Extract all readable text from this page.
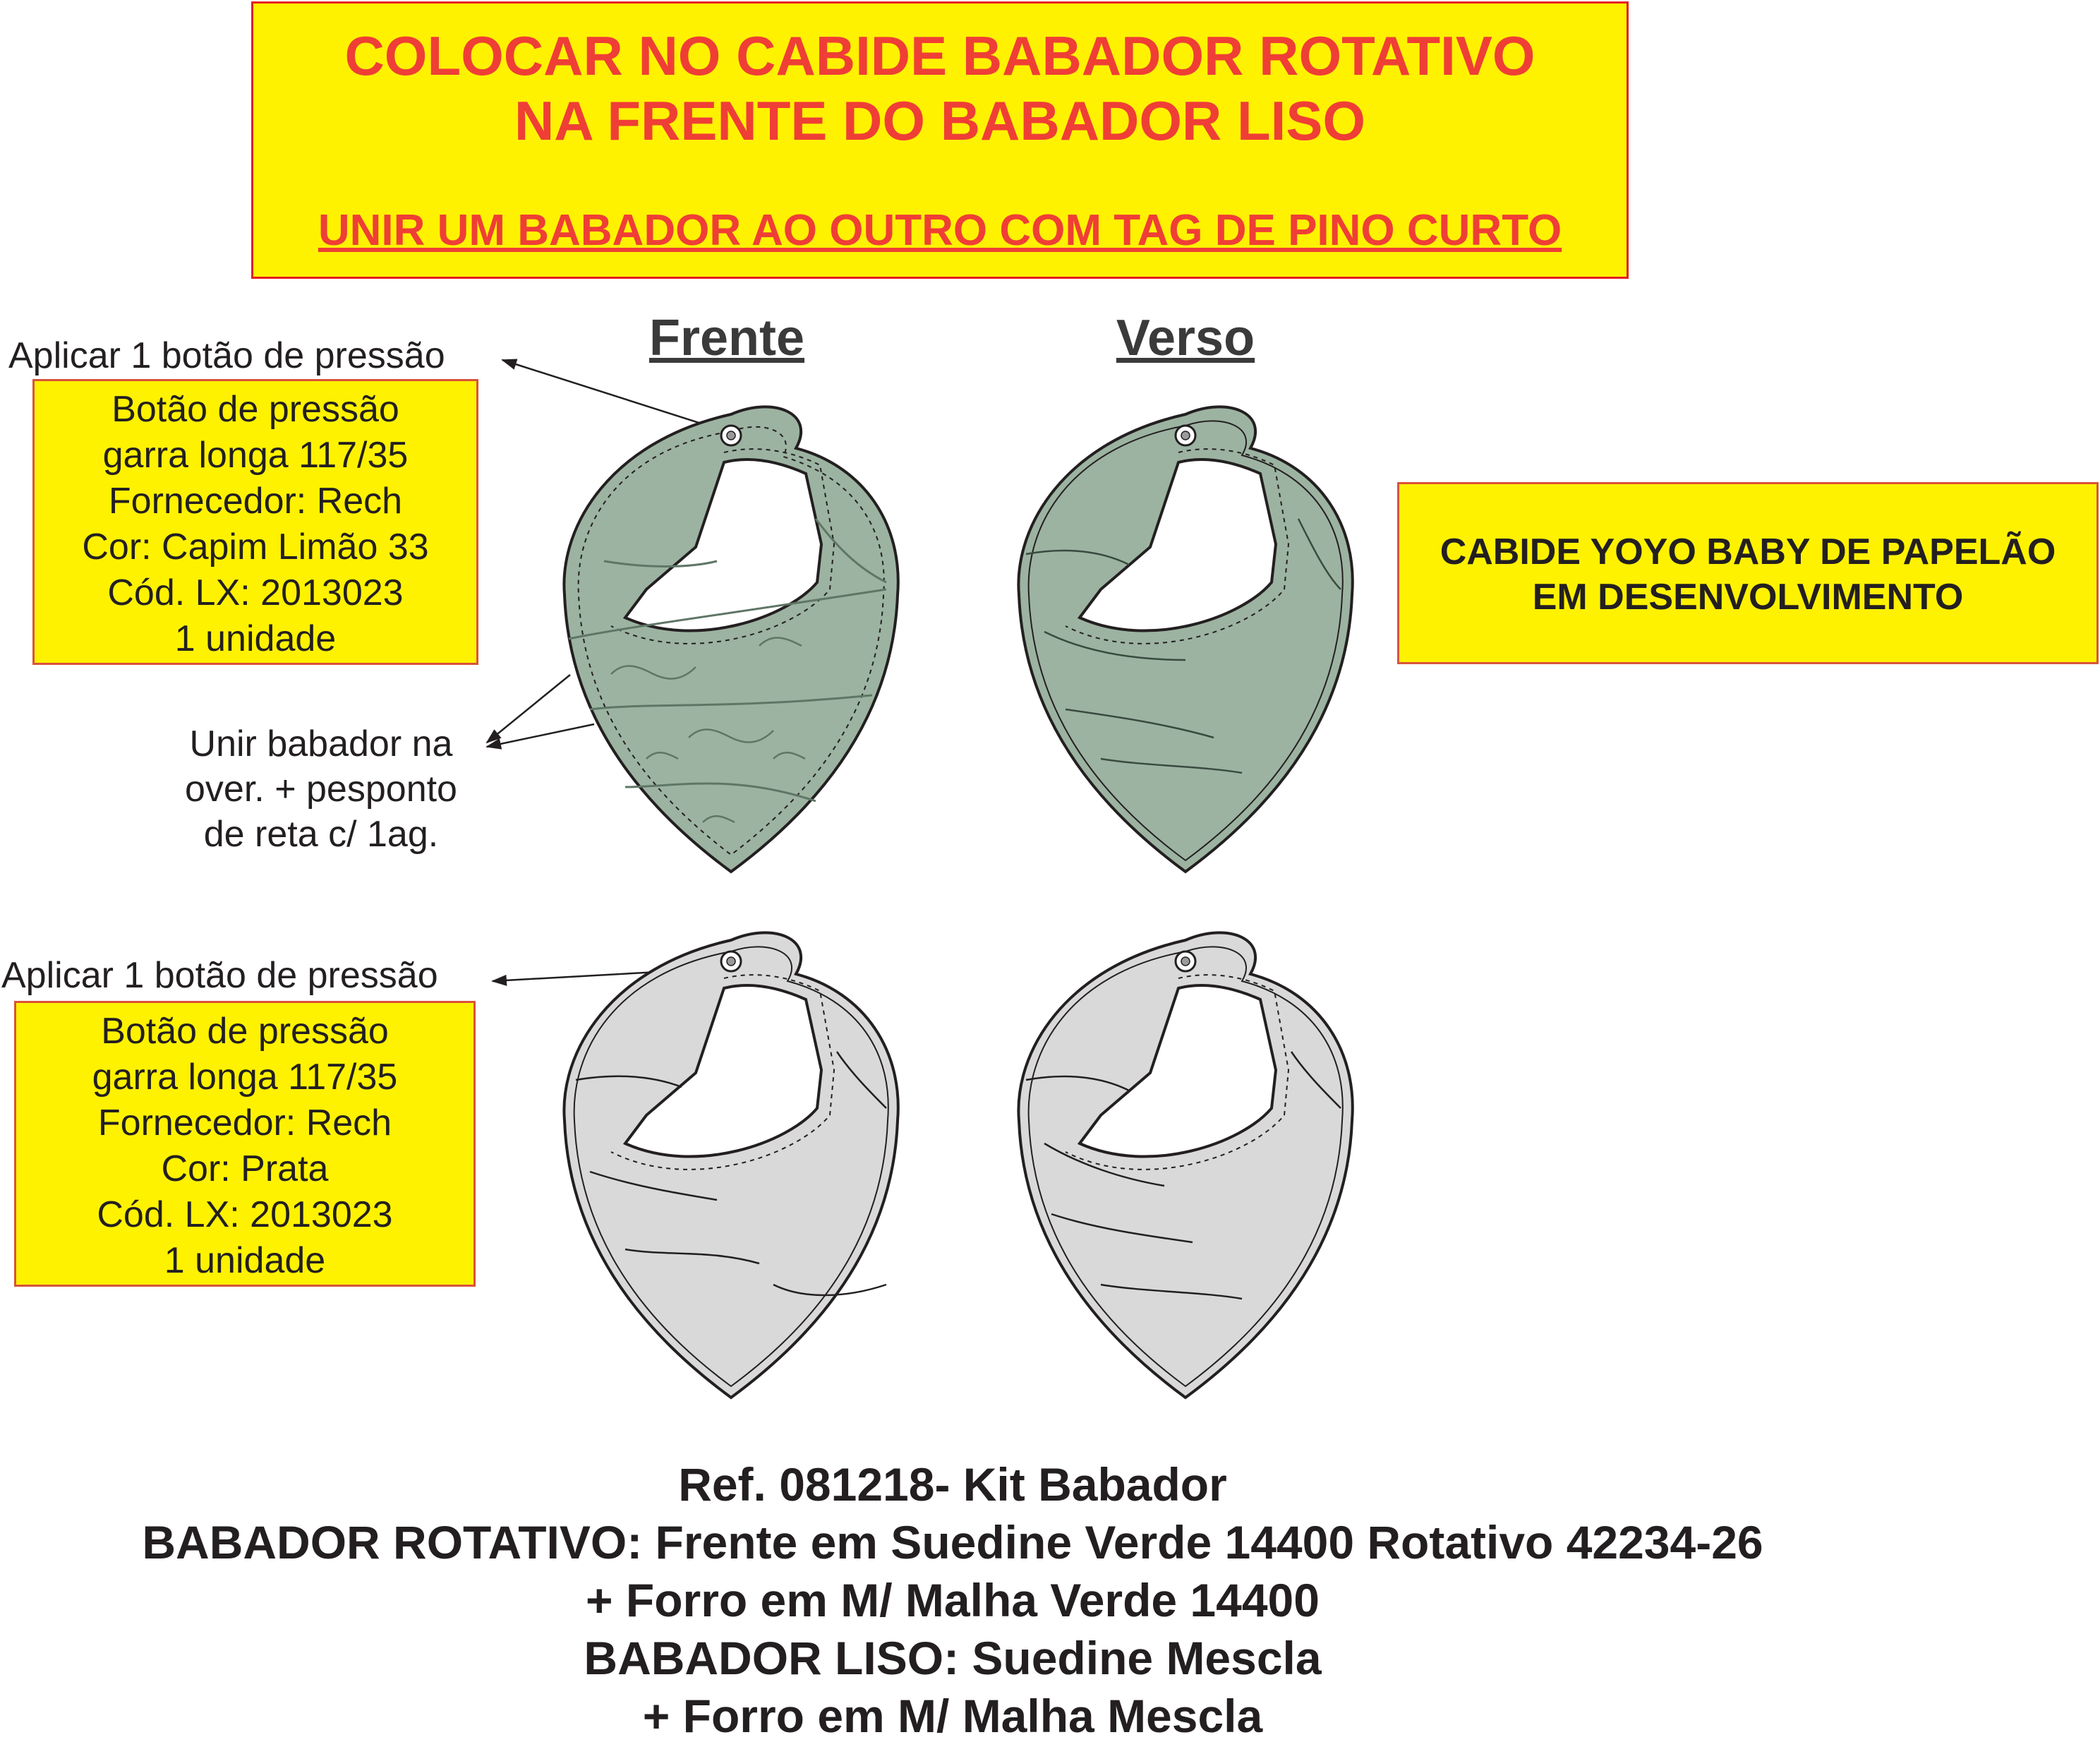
COLOCAR NO CABIDE BABADOR ROTATIVO
NA FRENTE DO BABADOR LISO
UNIR UM BABADOR AO OUTRO COM TAG DE PINO CURTO
Frente	Verso
Aplicar 1 botão de pressão
Aplicar 1 botão de pressão
Botão de pressão
garra longa 117/35
Fornecedor: Rech
Cor: Capim Limão 33
Cód. LX: 2013023
1 unidade
Botão de pressão
garra longa 117/35
Fornecedor: Rech
Cor: Prata
Cód. LX: 2013023
1 unidade
Unir babador na
over. + pesponto
de reta c/ 1ag.
CABIDE YOYO BABY DE PAPELÃO
EM DESENVOLVIMENTO
Ref. 081218- Kit Babador
BABADOR ROTATIVO: Frente em Suedine Verde 14400 Rotativo 42234-26
+ Forro em M/ Malha Verde 14400
BABADOR LISO: Suedine Mescla
+ Forro em M/ Malha Mescla
